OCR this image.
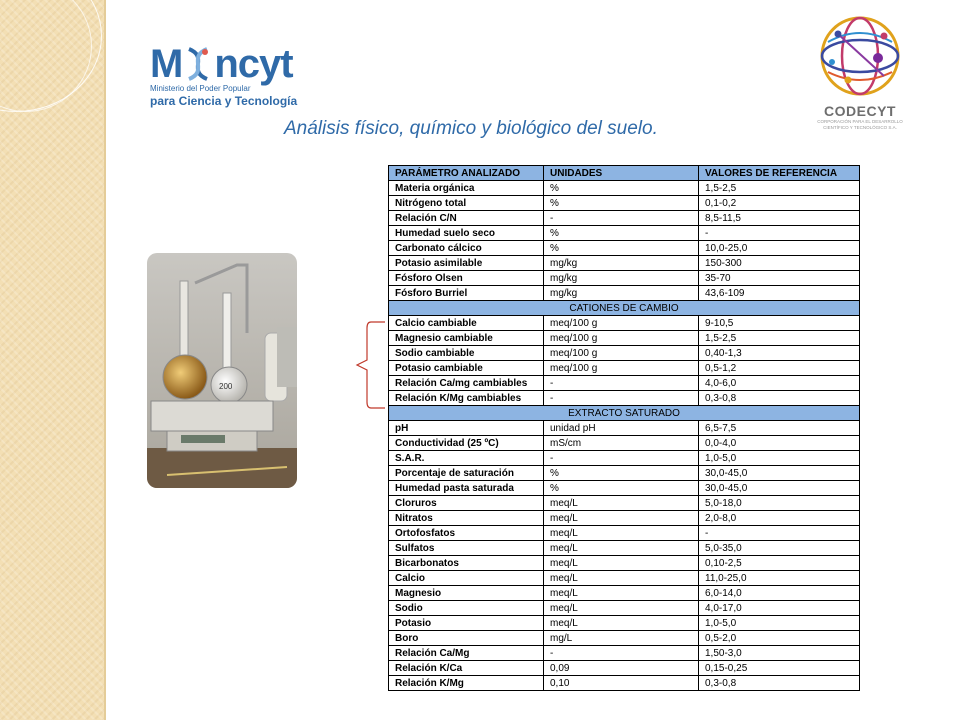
M ncyt
Ministerio del Poder Popular
para Ciencia y Tecnología
CODECYT
CORPORACIÓN PARA EL DESARROLLO
CIENTÍFICO Y TECNOLÓGICO S.A.
Análisis físico, químico y biológico del suelo.
200
PARÁMETRO ANALIZADO	UNIDADES	VALORES DE REFERENCIA
Materia orgánica	%	1,5-2,5
Nitrógeno total	%	0,1-0,2
Relación C/N	-	8,5-11,5
Humedad suelo seco	%	-
Carbonato cálcico	%	10,0-25,0
Potasio asimilable	mg/kg	150-300
Fósforo Olsen	mg/kg	35-70
Fósforo Burriel	mg/kg	43,6-109
CATIONES DE CAMBIO		
Calcio cambiable	meq/100 g	9-10,5
Magnesio cambiable	meq/100 g	1,5-2,5
Sodio cambiable	meq/100 g	0,40-1,3
Potasio cambiable	meq/100 g	0,5-1,2
Relación Ca/mg cambiables	-	4,0-6,0
Relación K/Mg cambiables	-	0,3-0,8
EXTRACTO SATURADO		
pH	unidad pH	6,5-7,5
Conductividad (25 ºC)	mS/cm	0,0-4,0
S.A.R.	-	1,0-5,0
Porcentaje de saturación	%	30,0-45,0
Humedad pasta saturada	%	30,0-45,0
Cloruros	meq/L	5,0-18,0
Nitratos	meq/L	2,0-8,0
Ortofosfatos	meq/L	-
Sulfatos	meq/L	5,0-35,0
Bicarbonatos	meq/L	0,10-2,5
Calcio	meq/L	11,0-25,0
Magnesio	meq/L	6,0-14,0
Sodio	meq/L	4,0-17,0
Potasio	meq/L	1,0-5,0
Boro	mg/L	0,5-2,0
Relación Ca/Mg	-	1,50-3,0
Relación K/Ca	0,09	0,15-0,25
Relación K/Mg	0,10	0,3-0,8
